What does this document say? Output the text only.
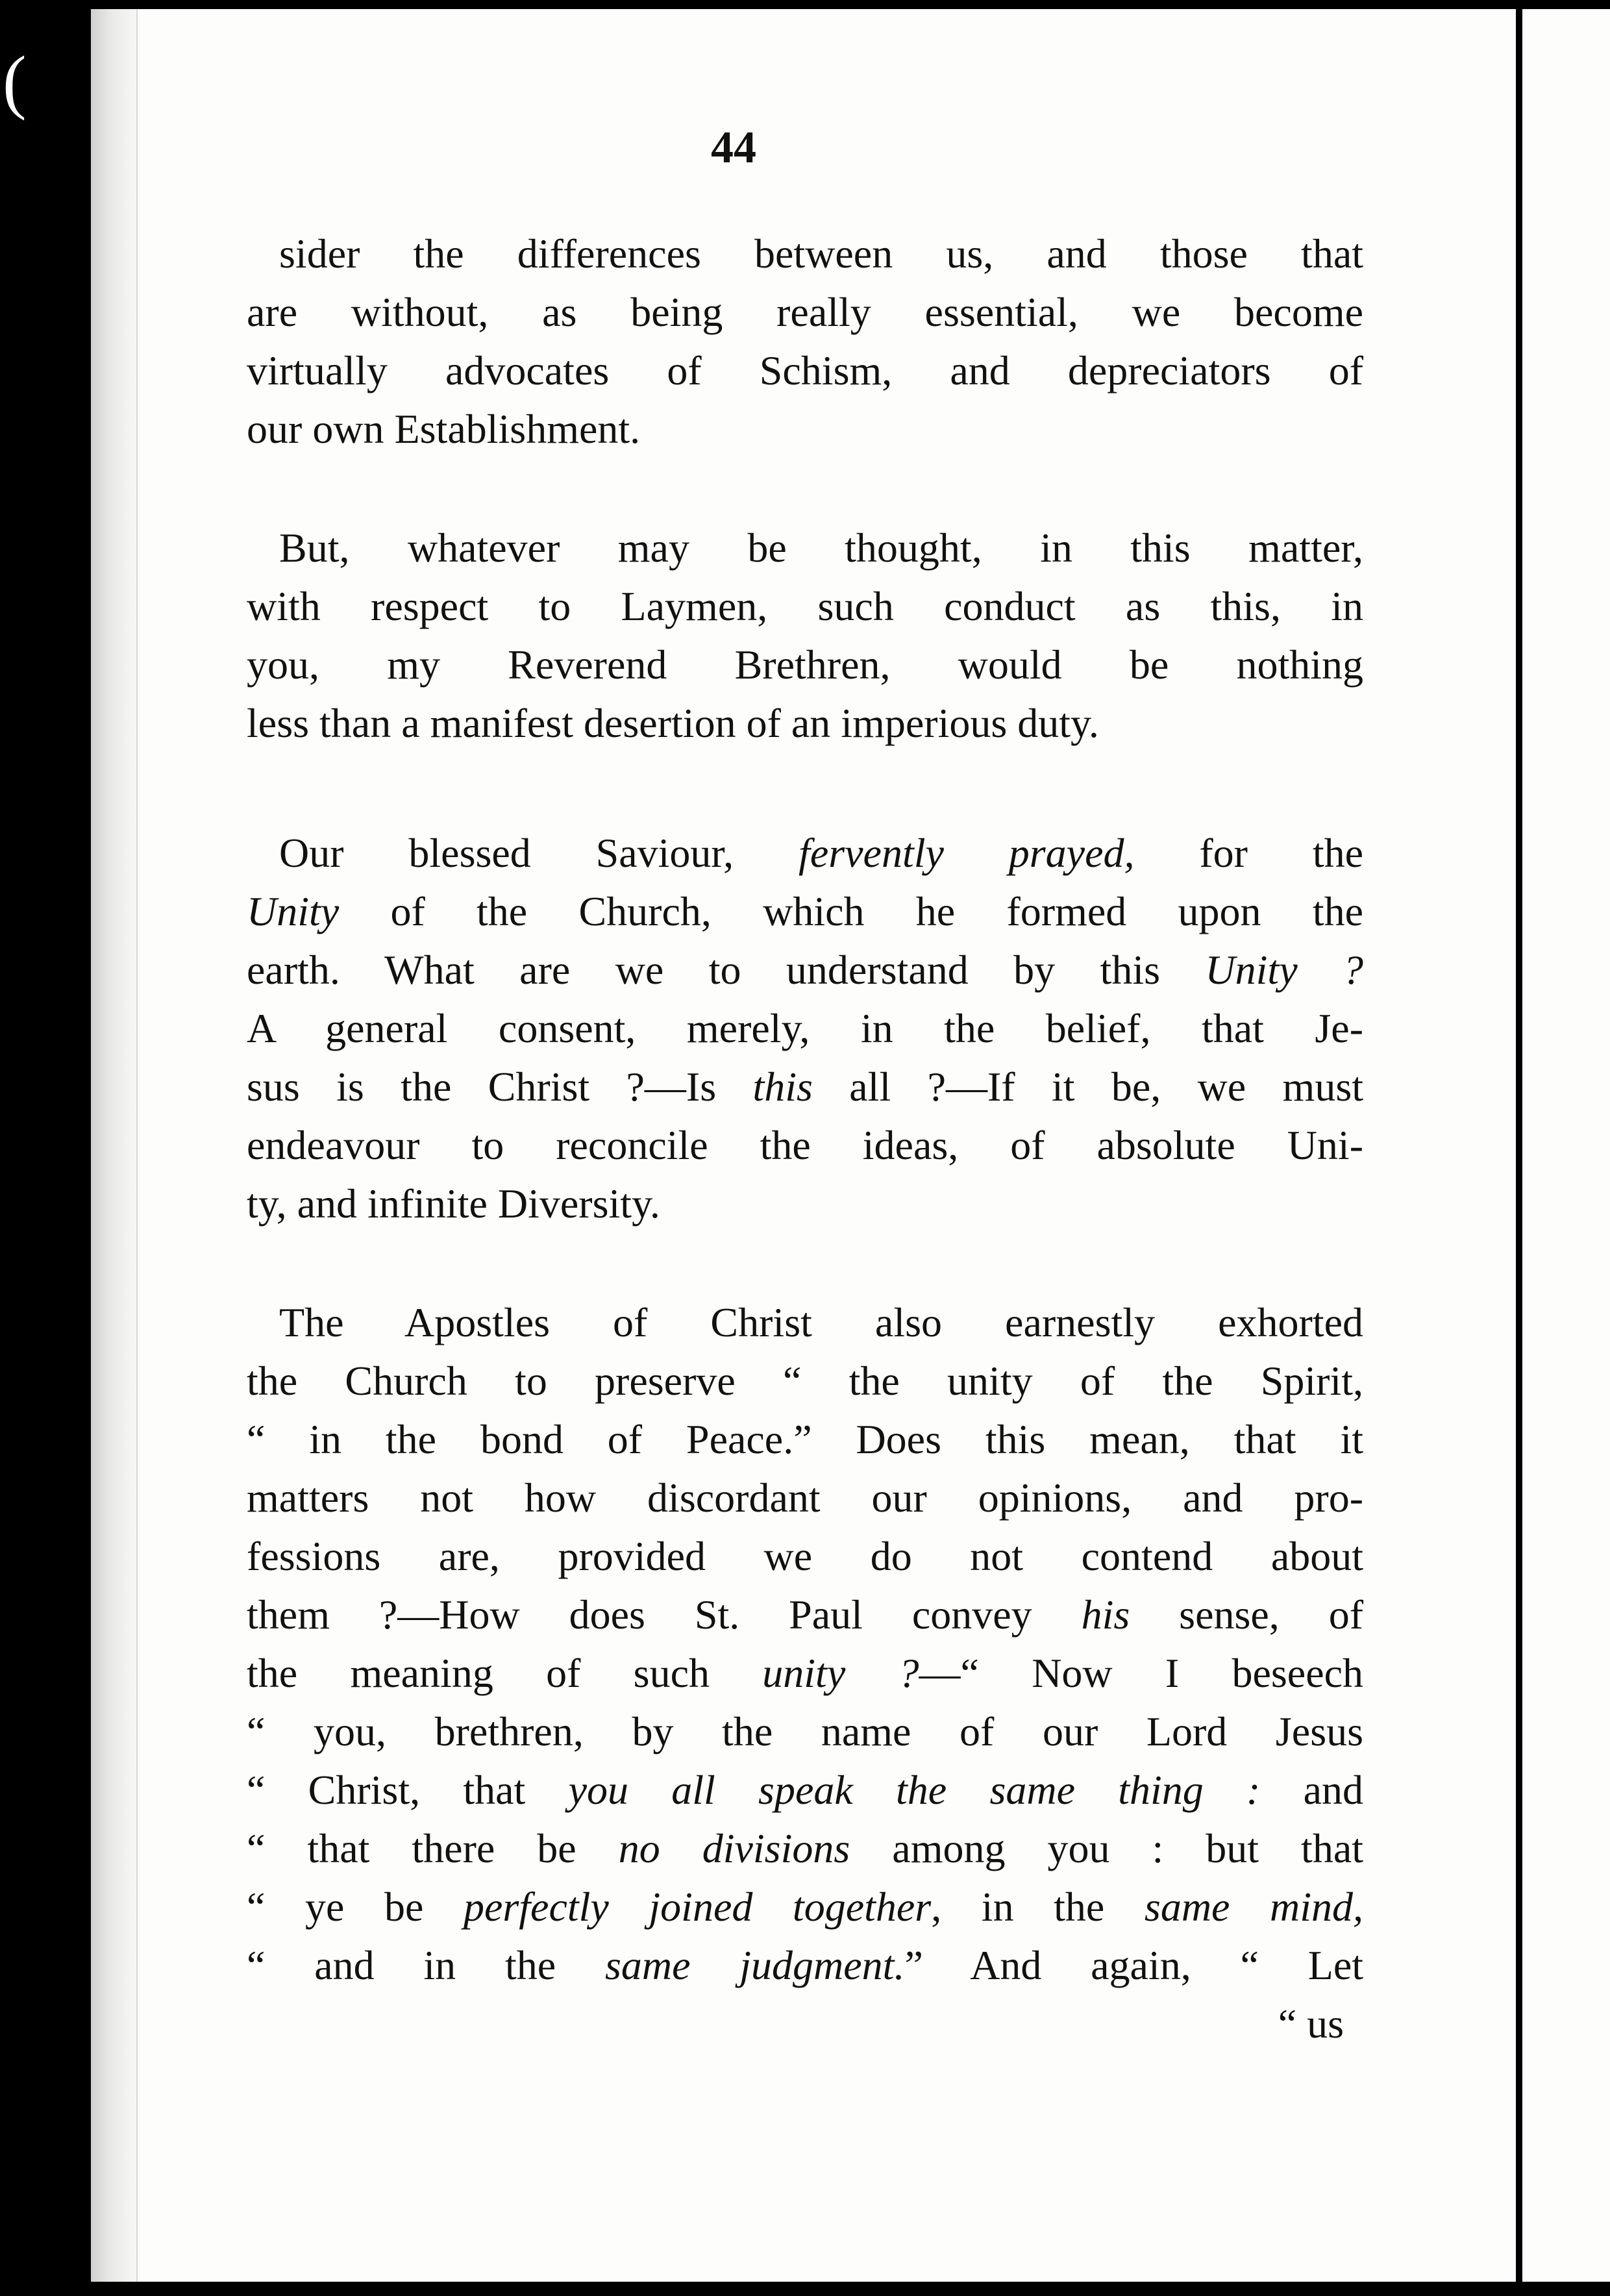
(
44

sider the differences between us, and those that

are without, as being really essential, we become

virtually advocates of Schism, and depreciators of

our own Establishment.

But, whatever may be thought, in this matter,

with respect to Laymen, such conduct as this, in

you, my Reverend Brethren, would be nothing

less than a manifest desertion of an imperious duty.

Our blessed Saviour, fervently prayed, for the

Unity of the Church, which he formed upon the

earth. What are we to understand by this Unity ?

A general consent, merely, in the belief, that Je-

sus is the Christ ?—Is this all ?—If it be, we must

endeavour to reconcile the ideas, of absolute Uni-

ty, and infinite Diversity.

The Apostles of Christ also earnestly exhorted

the Church to preserve “ the unity of the Spirit,

“ in the bond of Peace.” Does this mean, that it

matters not how discordant our opinions, and pro-

fessions are, provided we do not contend about

them ?—How does St. Paul convey his sense, of

the meaning of such unity ?—“ Now I beseech

“ you, brethren, by the name of our Lord Jesus

“ Christ, that you all speak the same thing : and

“ that there be no divisions among you : but that

“ ye be perfectly joined together, in the same mind,

“ and in the same judgment.” And again, “ Let

“ us
